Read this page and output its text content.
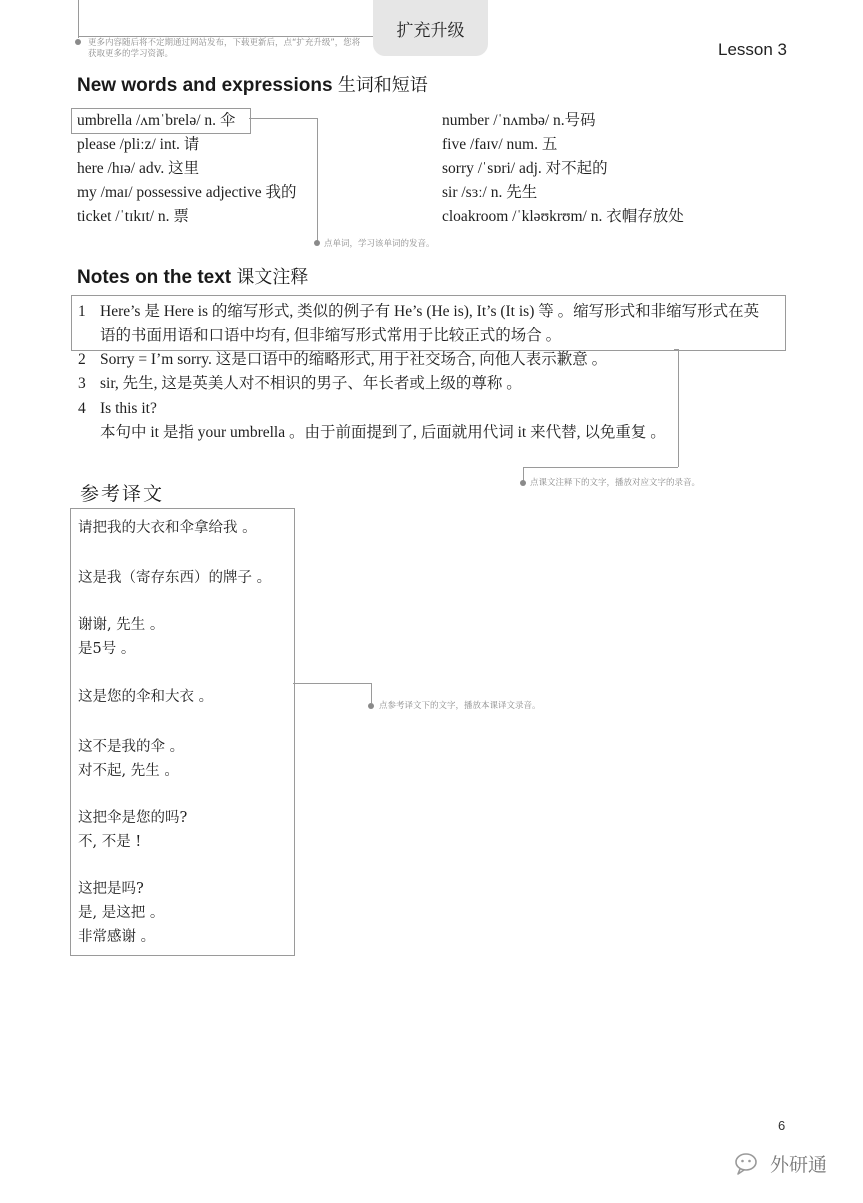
更多内容随后将不定期通过网站发布，下载更新后，点“扩充升级”，您将获取更多的学习资源。
扩充升级
Lesson 3
New words and expressions 生词和短语
点单词，学习该单词的发音。
umbrella /ʌmˈbrelə/ n. 伞
please /pliːz/ int. 请
here /hɪə/ adv. 这里
my /maɪ/ possessive adjective 我的
ticket /ˈtɪkɪt/ n. 票
number /ˈnʌmbə/ n.号码
five /faɪv/ num. 五
sorry /ˈsɒri/ adj. 对不起的
sir /sɜː/ n. 先生
cloakroom /ˈkləʊkrʊm/ n. 衣帽存放处
Notes on the text 课文注释
点课文注释下的文字，播放对应文字的录音。
1 Here’s 是 Here is 的缩写形式, 类似的例子有 He’s (He is), It’s (It is) 等 。缩写形式和非缩写形式在英
语的书面用语和口语中均有, 但非缩写形式常用于比较正式的场合 。
2 Sorry = I’m sorry. 这是口语中的缩略形式, 用于社交场合, 向他人表示歉意 。
3 sir, 先生, 这是英美人对不相识的男子、年长者或上级的尊称 。
4 Is this it?
本句中 it 是指 your umbrella 。由于前面提到了, 后面就用代词 it 来代替, 以免重复 。
参考译文
点参考译文下的文字，播放本课译文录音。
请把我的大衣和伞拿给我 。
这是我（寄存东西）的牌子 。
谢谢, 先生 。
是5号 。
这是您的伞和大衣 。
这不是我的伞 。
对不起, 先生 。
这把伞是您的吗?
不, 不是 !
这把是吗?
是, 是这把 。
非常感谢 。
6
外研通
